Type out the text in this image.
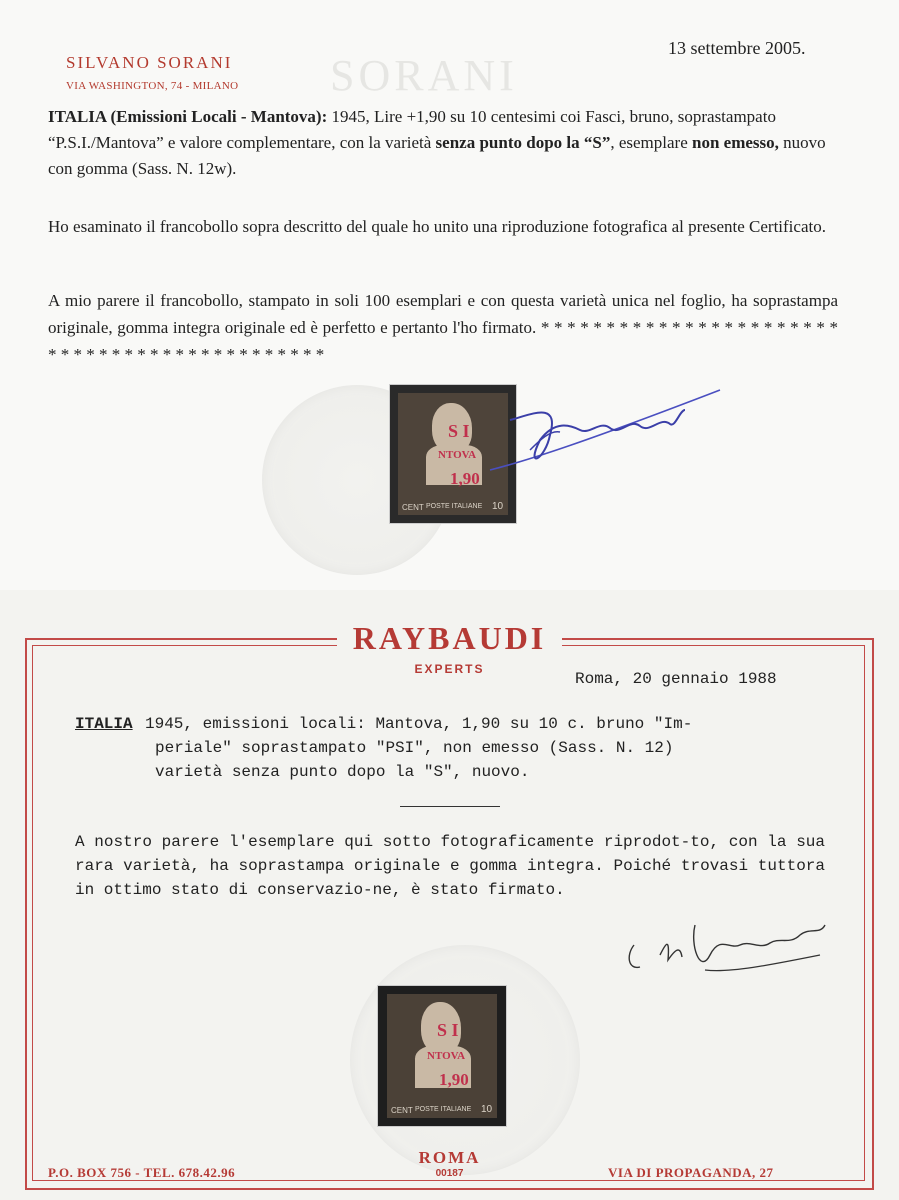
SORANI
SILVANO SORANI
VIA WASHINGTON, 74 - MILANO
13 settembre 2005.
ITALIA (Emissioni Locali - Mantova): 1945, Lire +1,90 su 10 centesimi coi Fasci, bruno, soprastampato “P.S.I./Mantova” e valore complementare, con la varietà senza punto dopo la “S”, esemplare non emesso, nuovo con gomma (Sass. N. 12w).
Ho esaminato il francobollo sopra descritto del quale ho unito una riproduzione fotografica al presente Certificato.
A mio parere il francobollo, stampato in soli 100 esemplari e con questa varietà unica nel foglio, ha soprastampa originale, gomma integra originale ed è perfetto e pertanto l'ho firmato. * * * * * * * * * * * * * * * * * * * * * * * * * * * * * * * * * * * * * * * * * * * * *
S I
NTOVA
1,90
CENT POSTE ITALIANE 10
RAYBAUDI
EXPERTS
Roma, 20 gennaio 1988
ITALIA 1945, emissioni locali: Mantova, 1,90 su 10 c. bruno "Im-
periale" soprastampato "PSI", non emesso (Sass. N. 12)
varietà senza punto dopo la "S", nuovo.
A nostro parere l'esemplare qui sotto fotograficamente riprodot-to, con la sua rara varietà, ha soprastampa originale e gomma integra. Poiché trovasi tuttora in ottimo stato di conservazio-ne, è stato firmato.
S I
NTOVA
1,90
CENT POSTE ITALIANE 10
P.O. BOX 756 - TEL. 678.42.96
ROMA
00187	VIA DI PROPAGANDA, 27
